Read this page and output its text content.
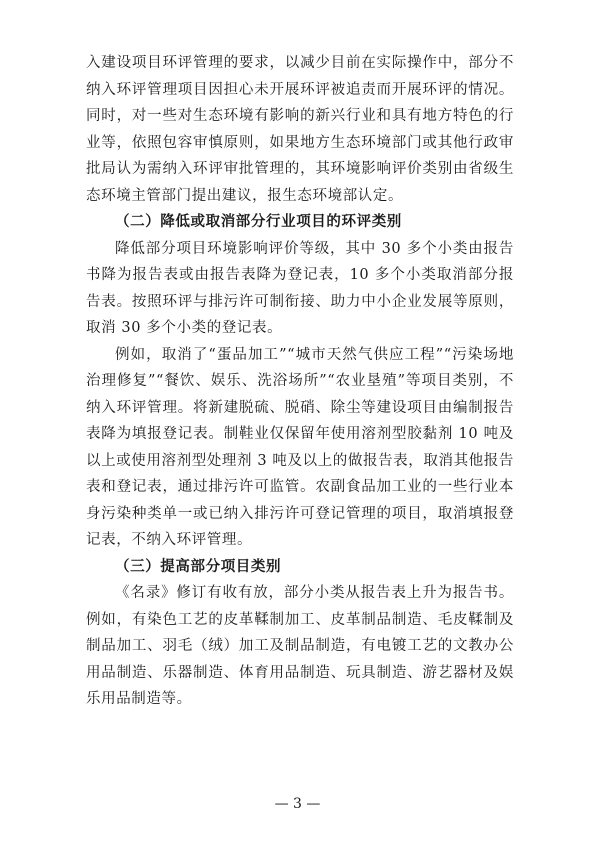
入建设项目环评管理的要求，以减少目前在实际操作中，部分不纳入环评管理项目因担心未开展环评被追责而开展环评的情况。同时，对一些对生态环境有影响的新兴行业和具有地方特色的行业等，依照包容审慎原则，如果地方生态环境部门或其他行政审批局认为需纳入环评审批管理的，其环境影响评价类别由省级生态环境主管部门提出建议，报生态环境部认定。

（二）降低或取消部分行业项目的环评类别

降低部分项目环境影响评价等级，其中 30 多个小类由报告书降为报告表或由报告表降为登记表，10 多个小类取消部分报告表。按照环评与排污许可制衔接、助力中小企业发展等原则，取消 30 多个小类的登记表。

例如，取消了“蛋品加工”“城市天然气供应工程”“污染场地治理修复”“餐饮、娱乐、洗浴场所”“农业垦殖”等项目类别，不纳入环评管理。将新建脱硫、脱硝、除尘等建设项目由编制报告表降为填报登记表。制鞋业仅保留年使用溶剂型胶黏剂 10 吨及以上或使用溶剂型处理剂 3 吨及以上的做报告表，取消其他报告表和登记表，通过排污许可监管。农副食品加工业的一些行业本身污染种类单一或已纳入排污许可登记管理的项目，取消填报登记表，不纳入环评管理。

（三）提高部分项目类别

《名录》修订有收有放，部分小类从报告表上升为报告书。例如，有染色工艺的皮革鞣制加工、皮革制品制造、毛皮鞣制及制品加工、羽毛（绒）加工及制品制造，有电镀工艺的文教办公用品制造、乐器制造、体育用品制造、玩具制造、游艺器材及娱乐用品制造等。

— 3 —
